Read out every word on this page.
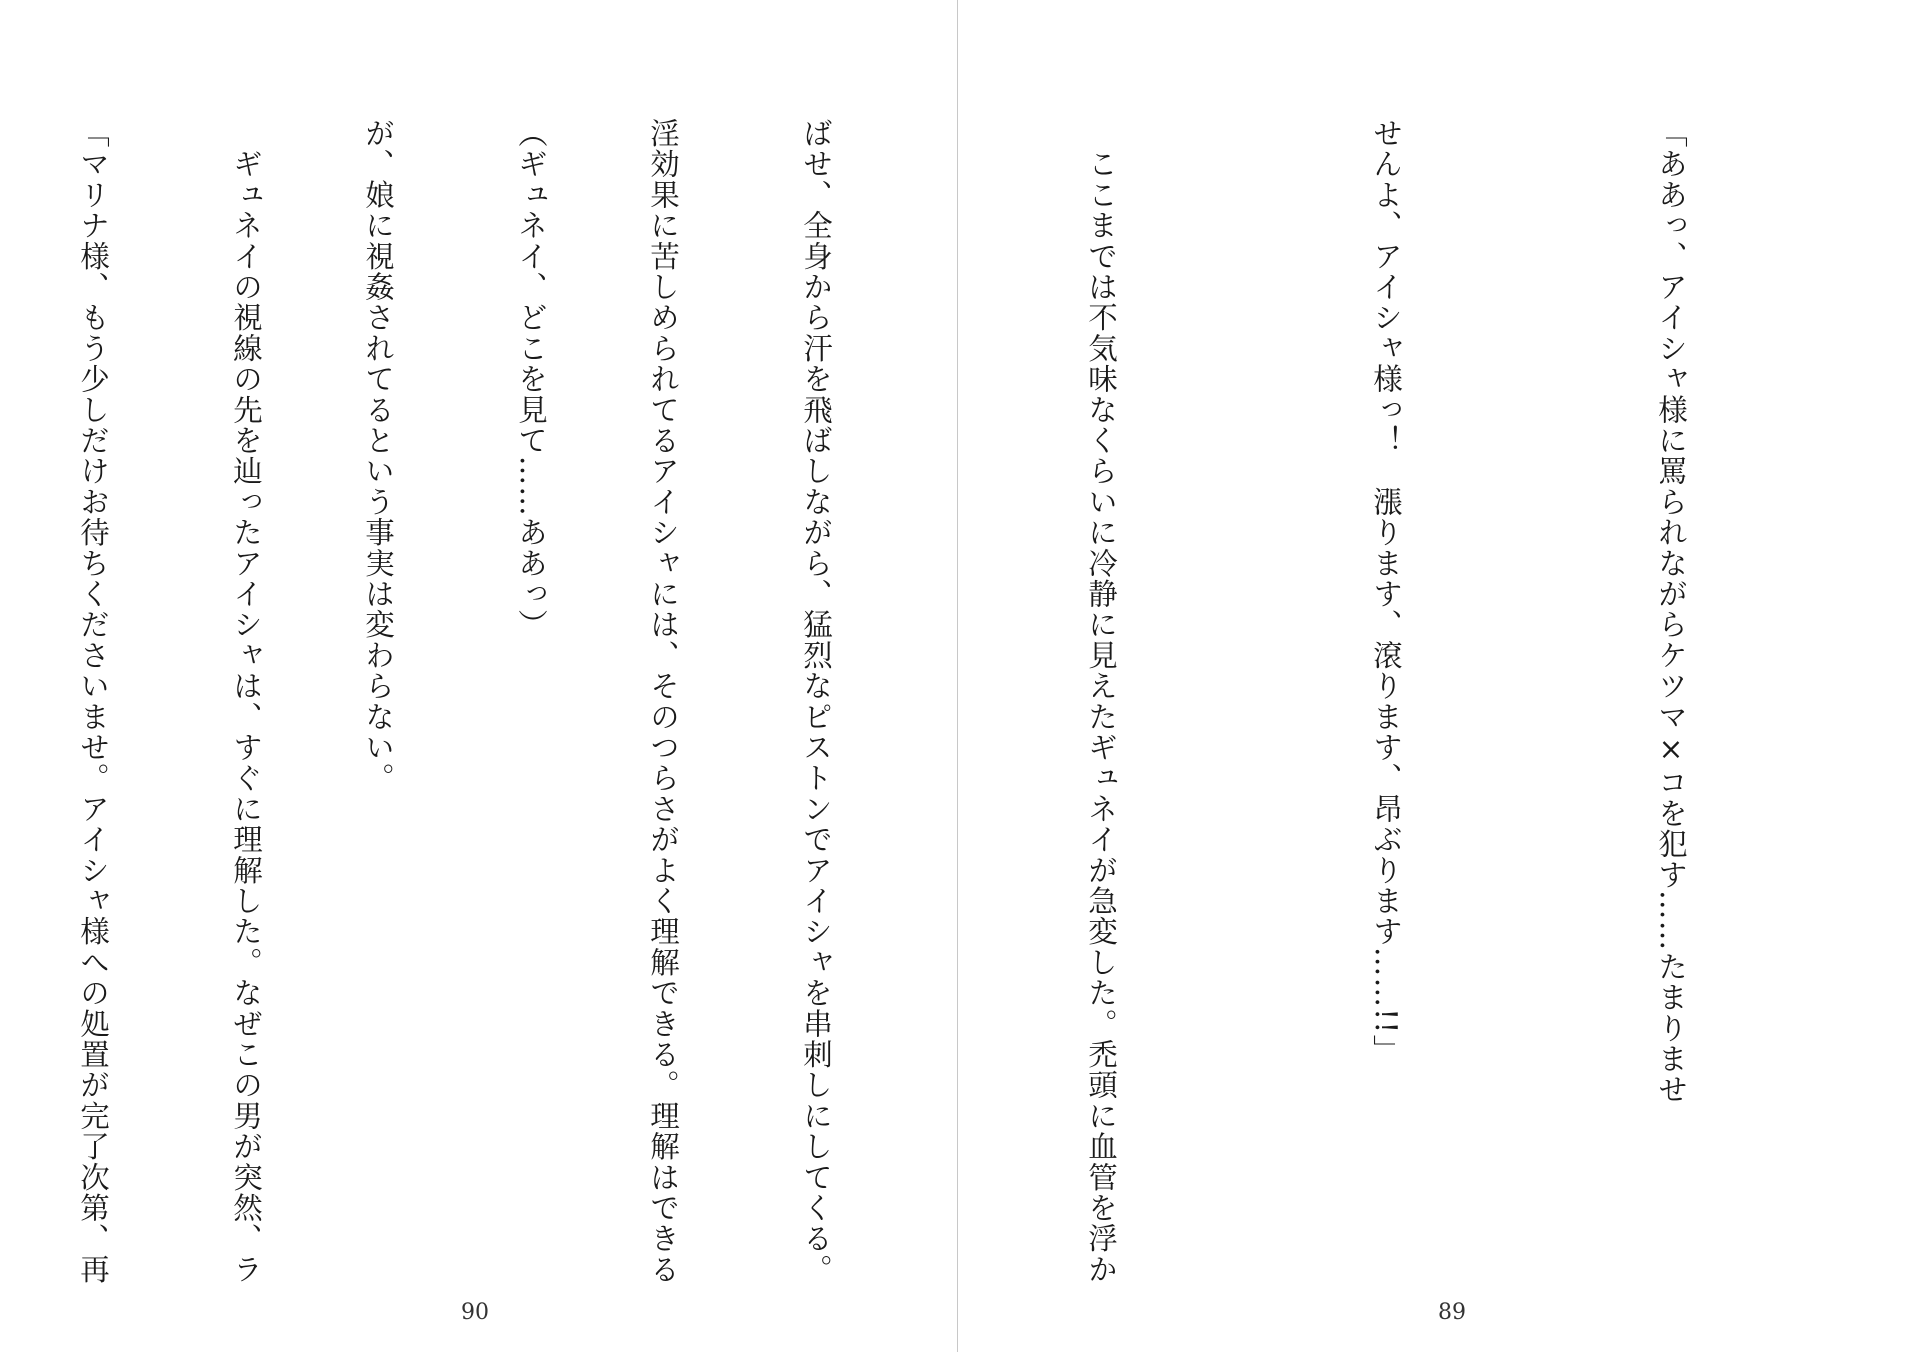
淫効果に苦しめられてるアイシャには、そのつらさがよく理解できる。理解はできる

が、娘に視姦されてるという事実は変わらない。

「マリナ様、もう少しだけお待ちくださいませ。アイシャ様への処置が完了次第、再

90

「ああっ、アイシャ様に罵られながらケツマ×コを犯す……たまりませ

せんよ、アイシャ様っ！　漲ります、滾ります、昂ぶります……!!」

　ここまでは不気味なくらいに冷静に見えたギュネイが急変した。禿頭に血管を浮か

ばせ、全身から汗を飛ばしながら、猛烈なピストンでアイシャを串刺しにしてくる。

（ギュネイ、どこを見て……ああっ）

　ギュネイの視線の先を辿ったアイシャは、すぐに理解した。なぜこの男が突然、ラ

89
